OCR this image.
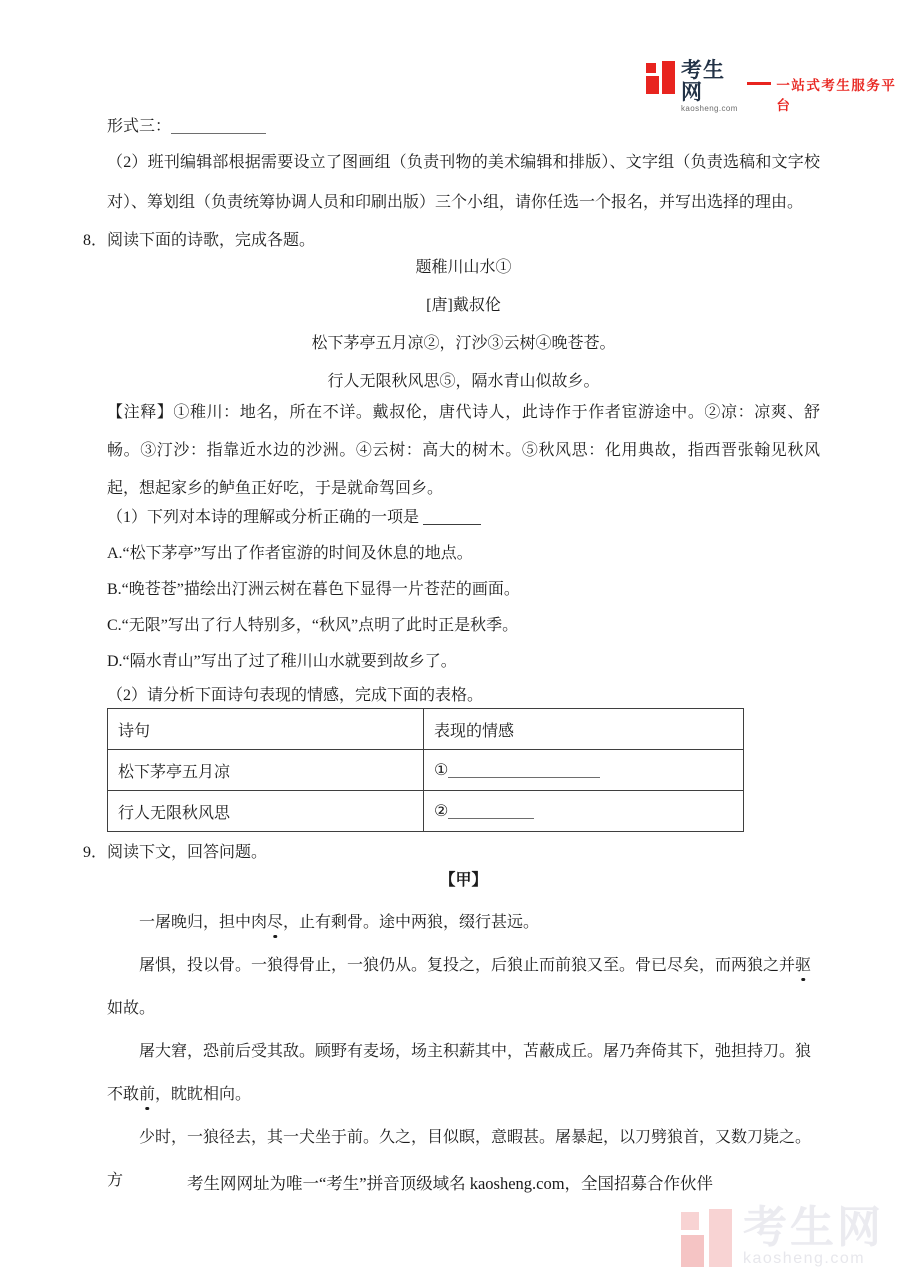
考生网
kaosheng.com
一站式考生服务平台
形式三：
（2）班刊编辑部根据需要设立了图画组（负责刊物的美术编辑和排版）、文字组（负责选稿和文字校对）、筹划组（负责统筹协调人员和印刷出版）三个小组，请你任选一个报名，并写出选择的理由。
8．阅读下面的诗歌，完成各题。
题稚川山水①
[唐]戴叔伦
松下茅亭五月凉②，汀沙③云树④晚苍苍。
行人无限秋风思⑤，隔水青山似故乡。
【注释】①稚川：地名，所在不详。戴叔伦，唐代诗人，此诗作于作者宦游途中。②凉：凉爽、舒畅。③汀沙：指靠近水边的沙洲。④云树：高大的树木。⑤秋风思：化用典故，指西晋张翰见秋风起，想起家乡的鲈鱼正好吃，于是就命驾回乡。
（1）下列对本诗的理解或分析正确的一项是

A.“松下茅亭”写出了作者宦游的时间及休息的地点。

B.“晚苍苍”描绘出汀洲云树在暮色下显得一片苍茫的画面。

C.“无限”写出了行人特别多，“秋风”点明了此时正是秋季。

D.“隔水青山”写出了过了稚川山水就要到故乡了。

（2）请分析下面诗句表现的情感，完成下面的表格。
诗句	表现的情感
松下茅亭五月凉	①
行人无限秋风思	②
9．阅读下文，回答问题。
【甲】

一屠晚归，担中肉尽，止有剩骨。途中两狼，缀行甚远。

屠惧，投以骨。一狼得骨止，一狼仍从。复投之，后狼止而前狼又至。骨已尽矣，而两狼之并驱如故。

屠大窘，恐前后受其敌。顾野有麦场，场主积薪其中，苫蔽成丘。屠乃奔倚其下，弛担持刀。狼不敢前，眈眈相向。

少时，一狼径去，其一犬坐于前。久之，目似瞑，意暇甚。屠暴起，以刀劈狼首，又数刀毙之。方	考生网网址为唯一“考生”拼音顶级域名 kaosheng.com，全国招募合作伙伴
考生网
kaosheng.com
